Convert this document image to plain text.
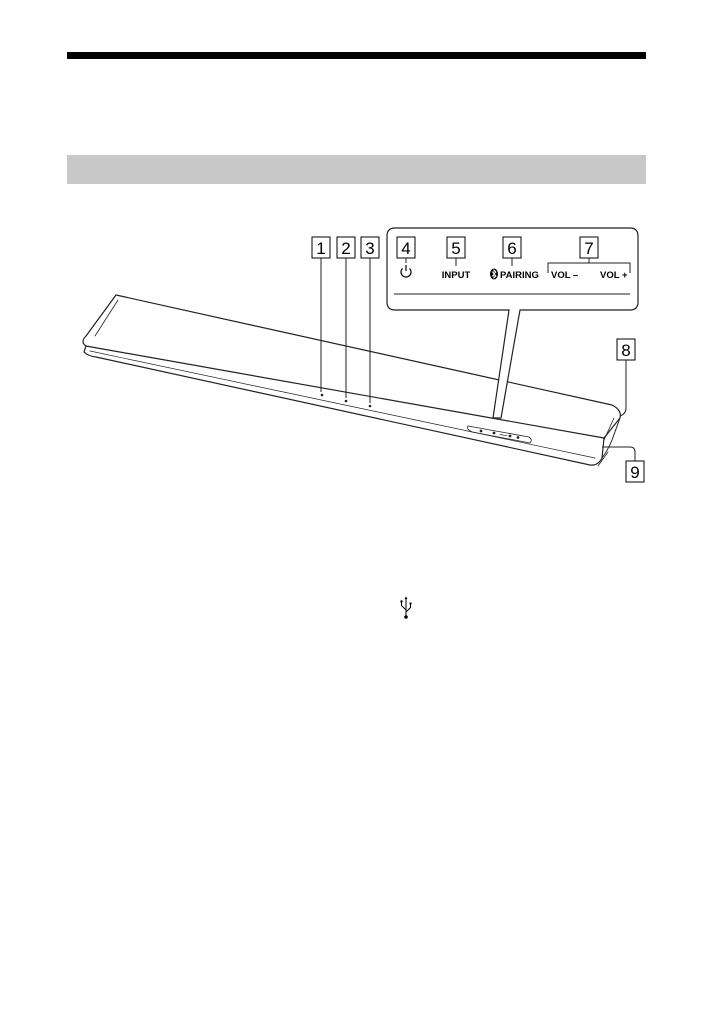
1 2 3 4 5	6	7
INPUT	PAIRING VOL – VOL +
8
9
